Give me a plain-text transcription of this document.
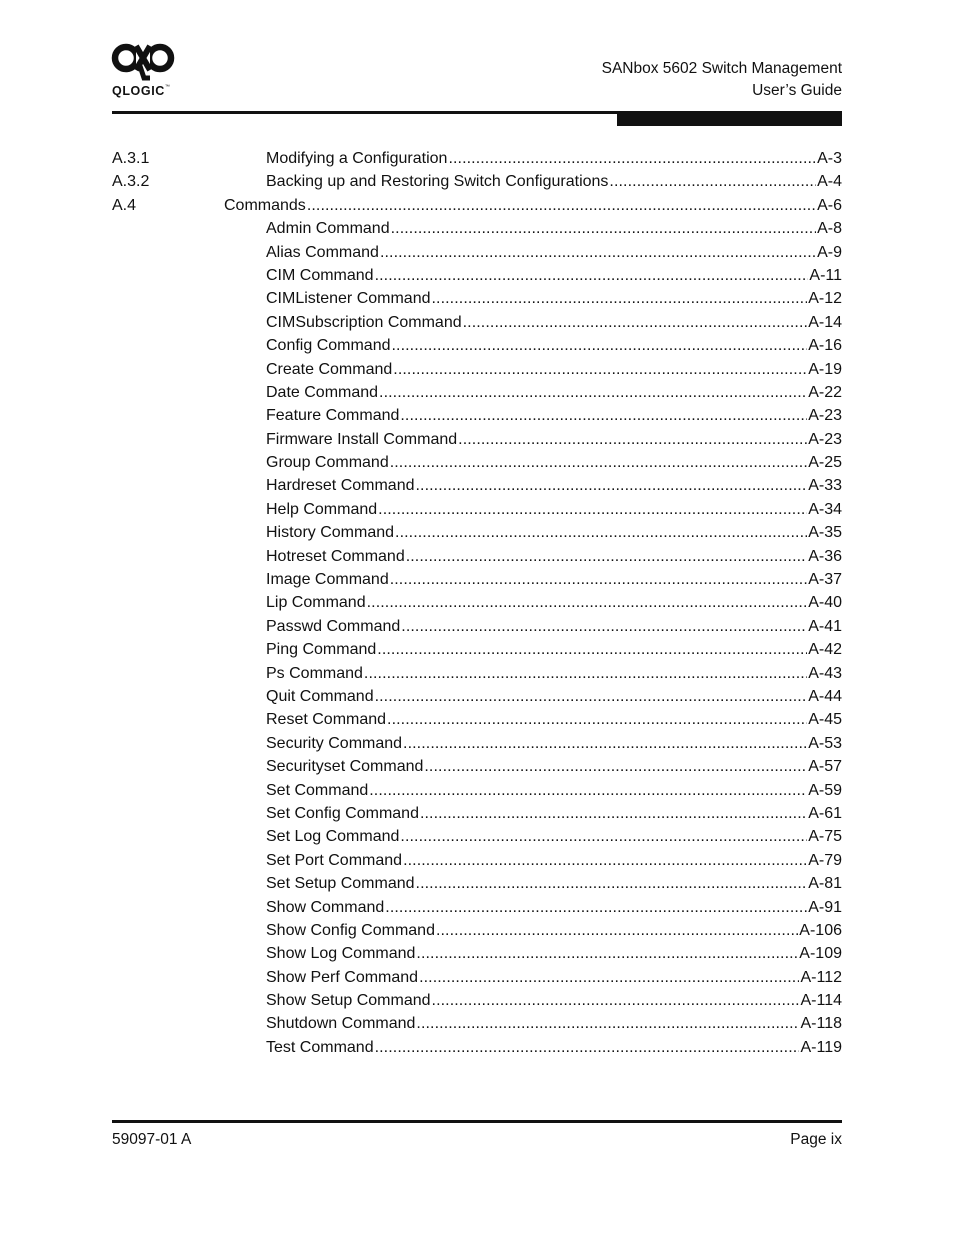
QLOGIC™
SANbox 5602 Switch Management
User’s Guide
A.3.1	Modifying a Configuration .....	A-3
A.3.2	Backing up and Restoring Switch Configurations .....	A-4
A.4	Commands .....	A-6
Admin Command .....	A-8
Alias Command .....	A-9
CIM Command .....	A-11
CIMListener Command .....	A-12
CIMSubscription Command .....	A-14
Config Command .....	A-16
Create Command .....	A-19
Date Command .....	A-22
Feature Command .....	A-23
Firmware Install Command .....	A-23
Group Command .....	A-25
Hardreset Command .....	A-33
Help Command .....	A-34
History Command .....	A-35
Hotreset Command .....	A-36
Image Command .....	A-37
Lip Command .....	A-40
Passwd Command .....	A-41
Ping Command .....	A-42
Ps Command .....	A-43
Quit Command .....	A-44
Reset Command .....	A-45
Security Command .....	A-53
Securityset Command .....	A-57
Set Command .....	A-59
Set Config Command .....	A-61
Set Log Command .....	A-75
Set Port Command .....	A-79
Set Setup Command .....	A-81
Show Command .....	A-91
Show Config Command .....	A-106
Show Log Command .....	A-109
Show Perf Command .....	A-112
Show Setup Command .....	A-114
Shutdown Command .....	A-118
Test Command .....	A-119
59097-01 A	Page ix
